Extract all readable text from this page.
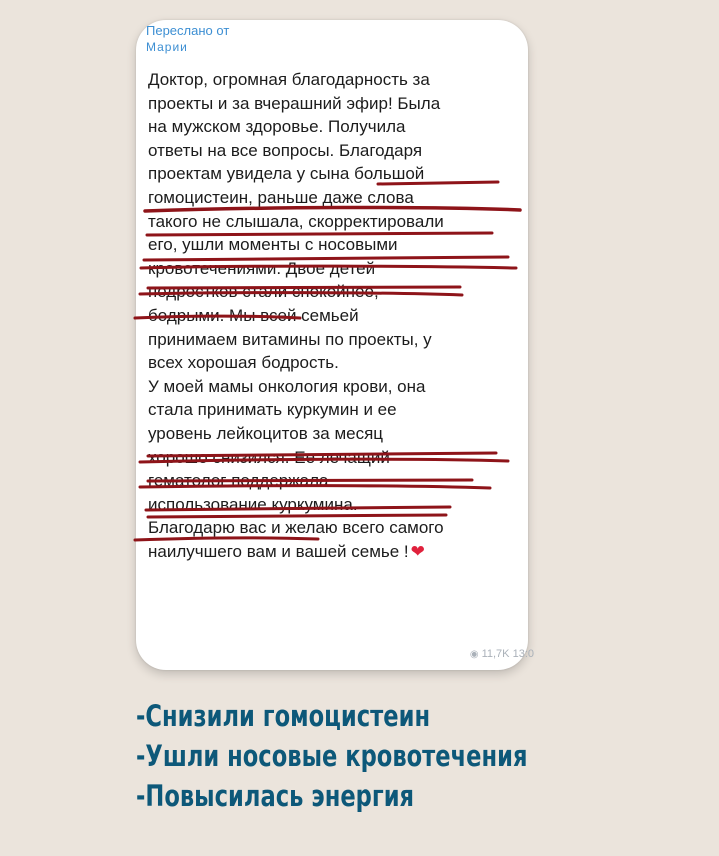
Переслано от
Марии
Доктор, огромная благодарность за
проекты и за вчерашний эфир! Была
на мужском здоровье. Получила
ответы на все вопросы. Благодаря
проектам увидела у сына большой
гомоцистеин, раньше даже слова
такого не слышала, скорректировали
его, ушли моменты с носовыми
кровотечениями. Двое детей
подростков стали спокойнее,
бодрыми. Мы всей семьей
принимаем витамины по проекты, у
всех хорошая бодрость.
У моей мамы онкология крови, она
стала принимать куркумин и ее
уровень лейкоцитов за месяц
хорошо снизился. Ее лечащий
гематолог поддержала
использование куркумина.
Благодарю вас и желаю всего самого
наилучшего вам и вашей семье ! ❤
◉ 11,7K 13:0
-Снизили гомоцистеин
-Ушли носовые кровотечения
-Повысилась энергия
